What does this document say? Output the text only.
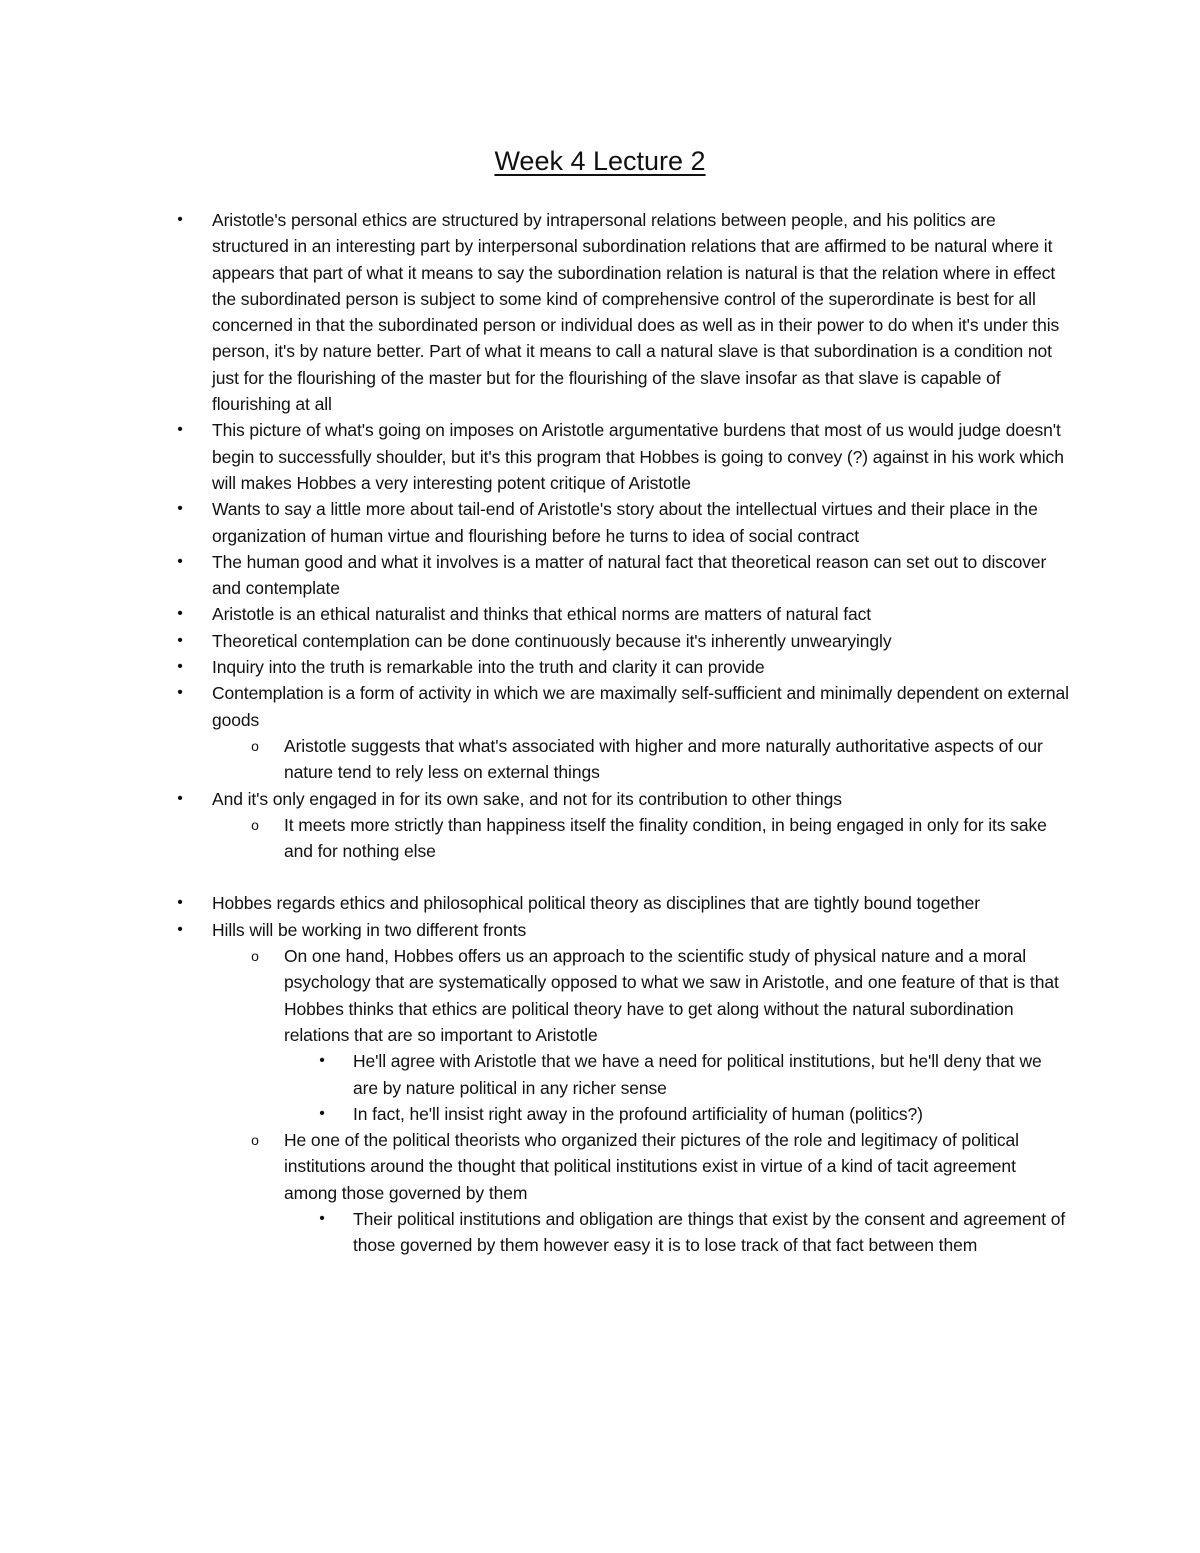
Week 4 Lecture 2
•	Aristotle's personal ethics are structured by intrapersonal relations between people, and his politics are structured in an interesting part by interpersonal subordination relations that are affirmed to be natural where it appears that part of what it means to say the subordination relation is natural is that the relation where in effect the subordinated person is subject to some kind of comprehensive control of the superordinate is best for all concerned in that the subordinated person or individual does as well as in their power to do when it's under this person, it's by nature better. Part of what it means to call a natural slave is that subordination is a condition not just for the flourishing of the master but for the flourishing of the slave insofar as that slave is capable of flourishing at all
•	This picture of what's going on imposes on Aristotle argumentative burdens that most of us would judge doesn't begin to successfully shoulder, but it's this program that Hobbes is going to convey (?) against in his work which will makes Hobbes a very interesting potent critique of Aristotle
•	Wants to say a little more about tail-end of Aristotle's story about the intellectual virtues and their place in the organization of human virtue and flourishing before he turns to idea of social contract
•	The human good and what it involves is a matter of natural fact that theoretical reason can set out to discover and contemplate
•	Aristotle is an ethical naturalist and thinks that ethical norms are matters of natural fact
•	Theoretical contemplation can be done continuously because it's inherently unwearyingly
•	Inquiry into the truth is remarkable into the truth and clarity it can provide
•	Contemplation is a form of activity in which we are maximally self-sufficient and minimally dependent on external goods
o	Aristotle suggests that what's associated with higher and more naturally authoritative aspects of our nature tend to rely less on external things
•	And it's only engaged in for its own sake, and not for its contribution to other things
o	It meets more strictly than happiness itself the finality condition, in being engaged in only for its sake and for nothing else
•	Hobbes regards ethics and philosophical political theory as disciplines that are tightly bound together
•	Hills will be working in two different fronts
o	On one hand, Hobbes offers us an approach to the scientific study of physical nature and a moral psychology that are systematically opposed to what we saw in Aristotle, and one feature of that is that Hobbes thinks that ethics are political theory have to get along without the natural subordination relations that are so important to Aristotle
•	He'll agree with Aristotle that we have a need for political institutions, but he'll deny that we are by nature political in any richer sense
•	In fact, he'll insist right away in the profound artificiality of human (politics?)
o	He one of the political theorists who organized their pictures of the role and legitimacy of political institutions around the thought that political institutions exist in virtue of a kind of tacit agreement among those governed by them
•	Their political institutions and obligation are things that exist by the consent and agreement of those governed by them however easy it is to lose track of that fact between them
